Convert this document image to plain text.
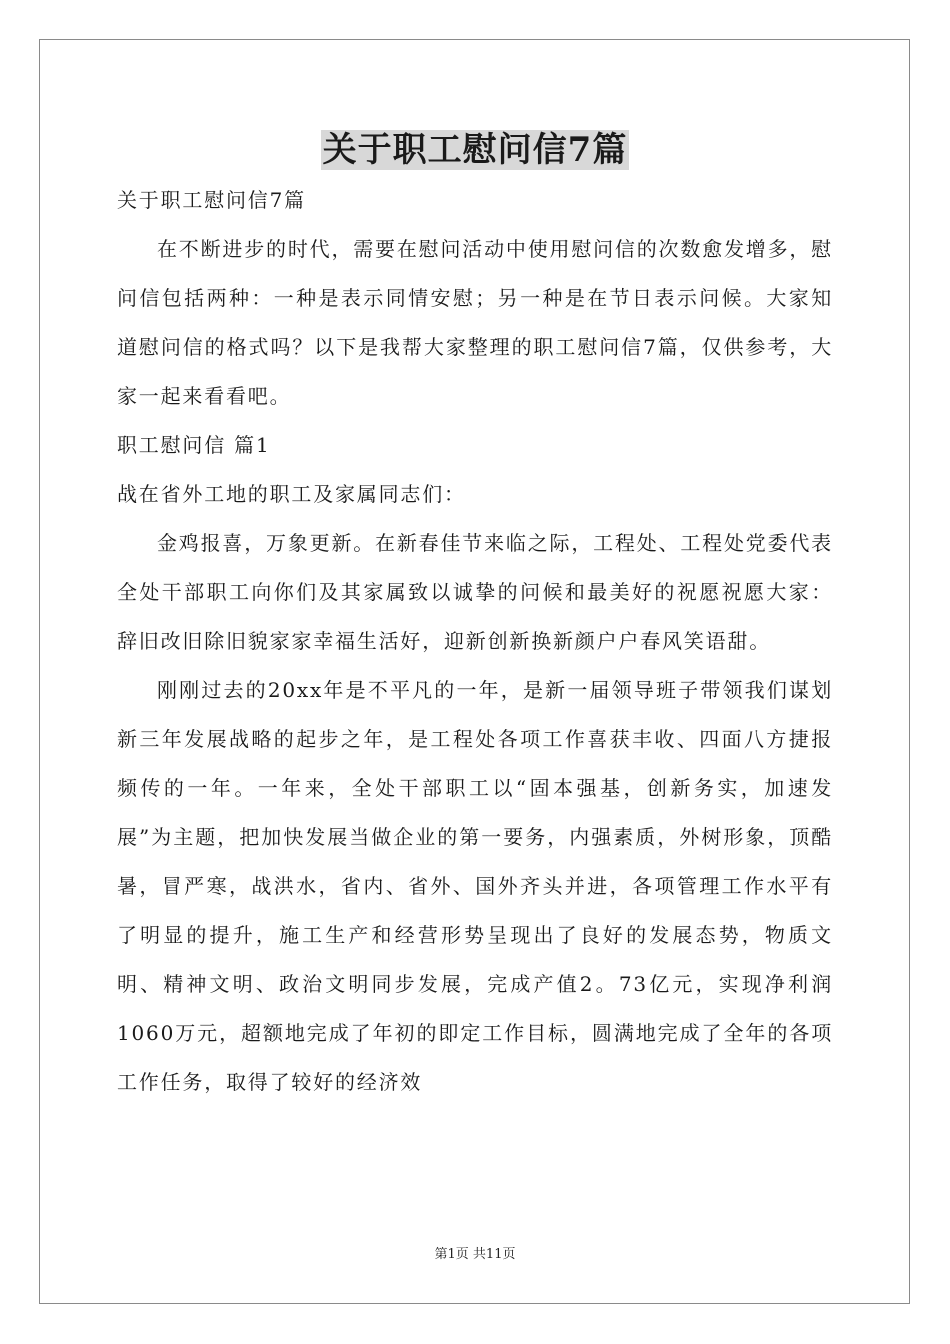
关于职工慰问信7篇

关于职工慰问信7篇

在不断进步的时代，需要在慰问活动中使用慰问信的次数愈发增多，慰问信包括两种：一种是表示同情安慰；另一种是在节日表示问候。大家知道慰问信的格式吗？以下是我帮大家整理的职工慰问信7篇，仅供参考，大家一起来看看吧。

职工慰问信 篇1

战在省外工地的职工及家属同志们：

金鸡报喜，万象更新。在新春佳节来临之际，工程处、工程处党委代表全处干部职工向你们及其家属致以诚挚的问候和最美好的祝愿祝愿大家：辞旧改旧除旧貌家家幸福生活好，迎新创新换新颜户户春风笑语甜。

刚刚过去的20xx年是不平凡的一年，是新一届领导班子带领我们谋划新三年发展战略的起步之年，是工程处各项工作喜获丰收、四面八方捷报频传的一年。一年来，全处干部职工以“固本强基，创新务实，加速发展”为主题，把加快发展当做企业的第一要务，内强素质，外树形象，顶酷暑，冒严寒，战洪水，省内、省外、国外齐头并进，各项管理工作水平有了明显的提升，施工生产和经营形势呈现出了良好的发展态势，物质文明、精神文明、政治文明同步发展，完成产值2。73亿元，实现净利润1060万元，超额地完成了年初的即定工作目标，圆满地完成了全年的各项工作任务，取得了较好的经济效

第1页 共11页
